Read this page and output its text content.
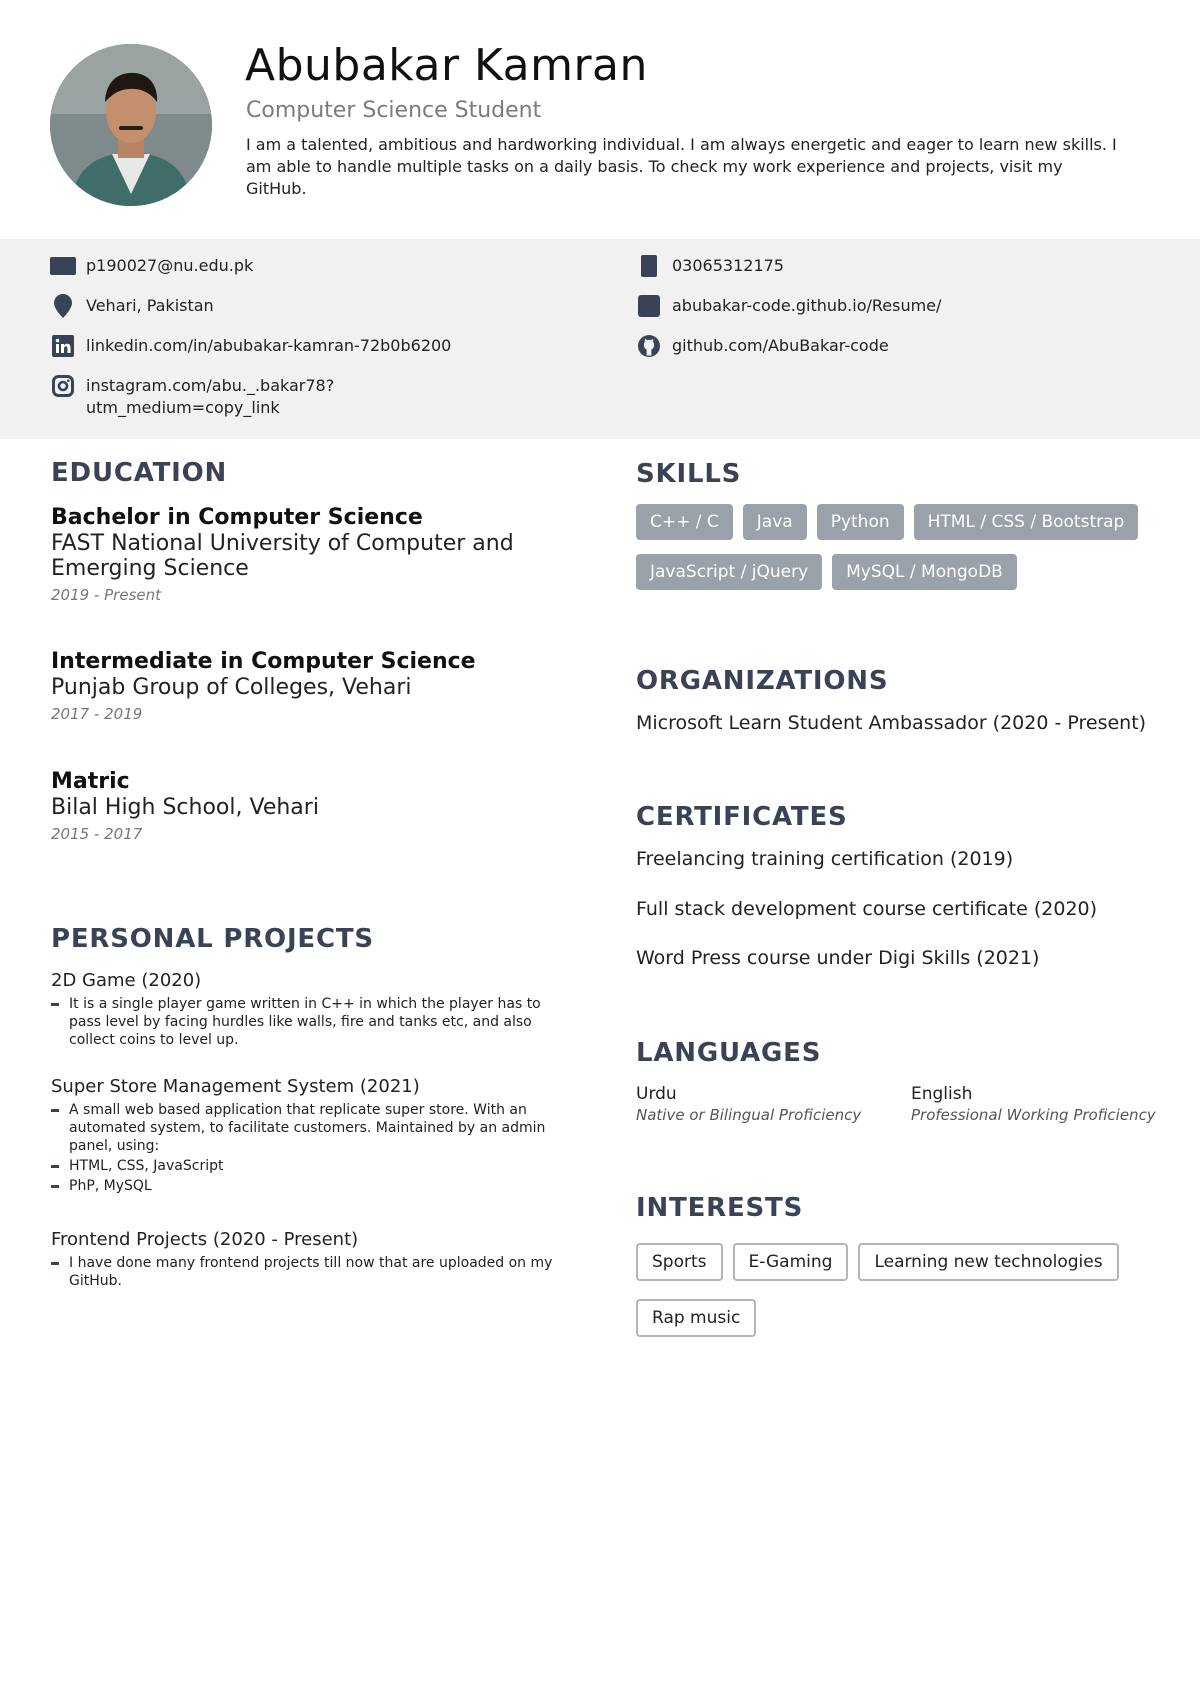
Abubakar Kamran
Computer Science Student
I am a talented, ambitious and hardworking individual. I am always energetic and eager to learn new skills. I am able to handle multiple tasks on a daily basis. To check my work experience and projects, visit my GitHub.
p190027@nu.edu.pk	03065312175
Vehari, Pakistan	abubakar-code.github.io/Resume/
linkedin.com/in/abubakar-kamran-72b0b6200	github.com/AbuBakar-code
instagram.com/abu._.bakar78?
utm_medium=copy_link
EDUCATION
Bachelor in Computer Science
FAST National University of Computer and Emerging Science
2019 - Present
Intermediate in Computer Science
Punjab Group of Colleges, Vehari
2017 - 2019
Matric
Bilal High School, Vehari
2015 - 2017
PERSONAL PROJECTS
2D Game (2020)
It is a single player game written in C++ in which the player has to pass level by facing hurdles like walls, fire and tanks etc, and also collect coins to level up.
Super Store Management System (2021)
A small web based application that replicate super store. With an automated system, to facilitate customers. Maintained by an admin panel, using:
HTML, CSS, JavaScript
PhP, MySQL
Frontend Projects (2020 - Present)
I have done many frontend projects till now that are uploaded on my GitHub.
SKILLS
C++ / C	Java	Python	HTML / CSS / Bootstrap
JavaScript / jQuery	MySQL / MongoDB
ORGANIZATIONS
Microsoft Learn Student Ambassador (2020 - Present)
CERTIFICATES
Freelancing training certification (2019)
Full stack development course certificate (2020)
Word Press course under Digi Skills (2021)
LANGUAGES
Urdu
Native or Bilingual Proficiency
English
Professional Working Proficiency
INTERESTS
Sports	E-Gaming	Learning new technologies
Rap music
